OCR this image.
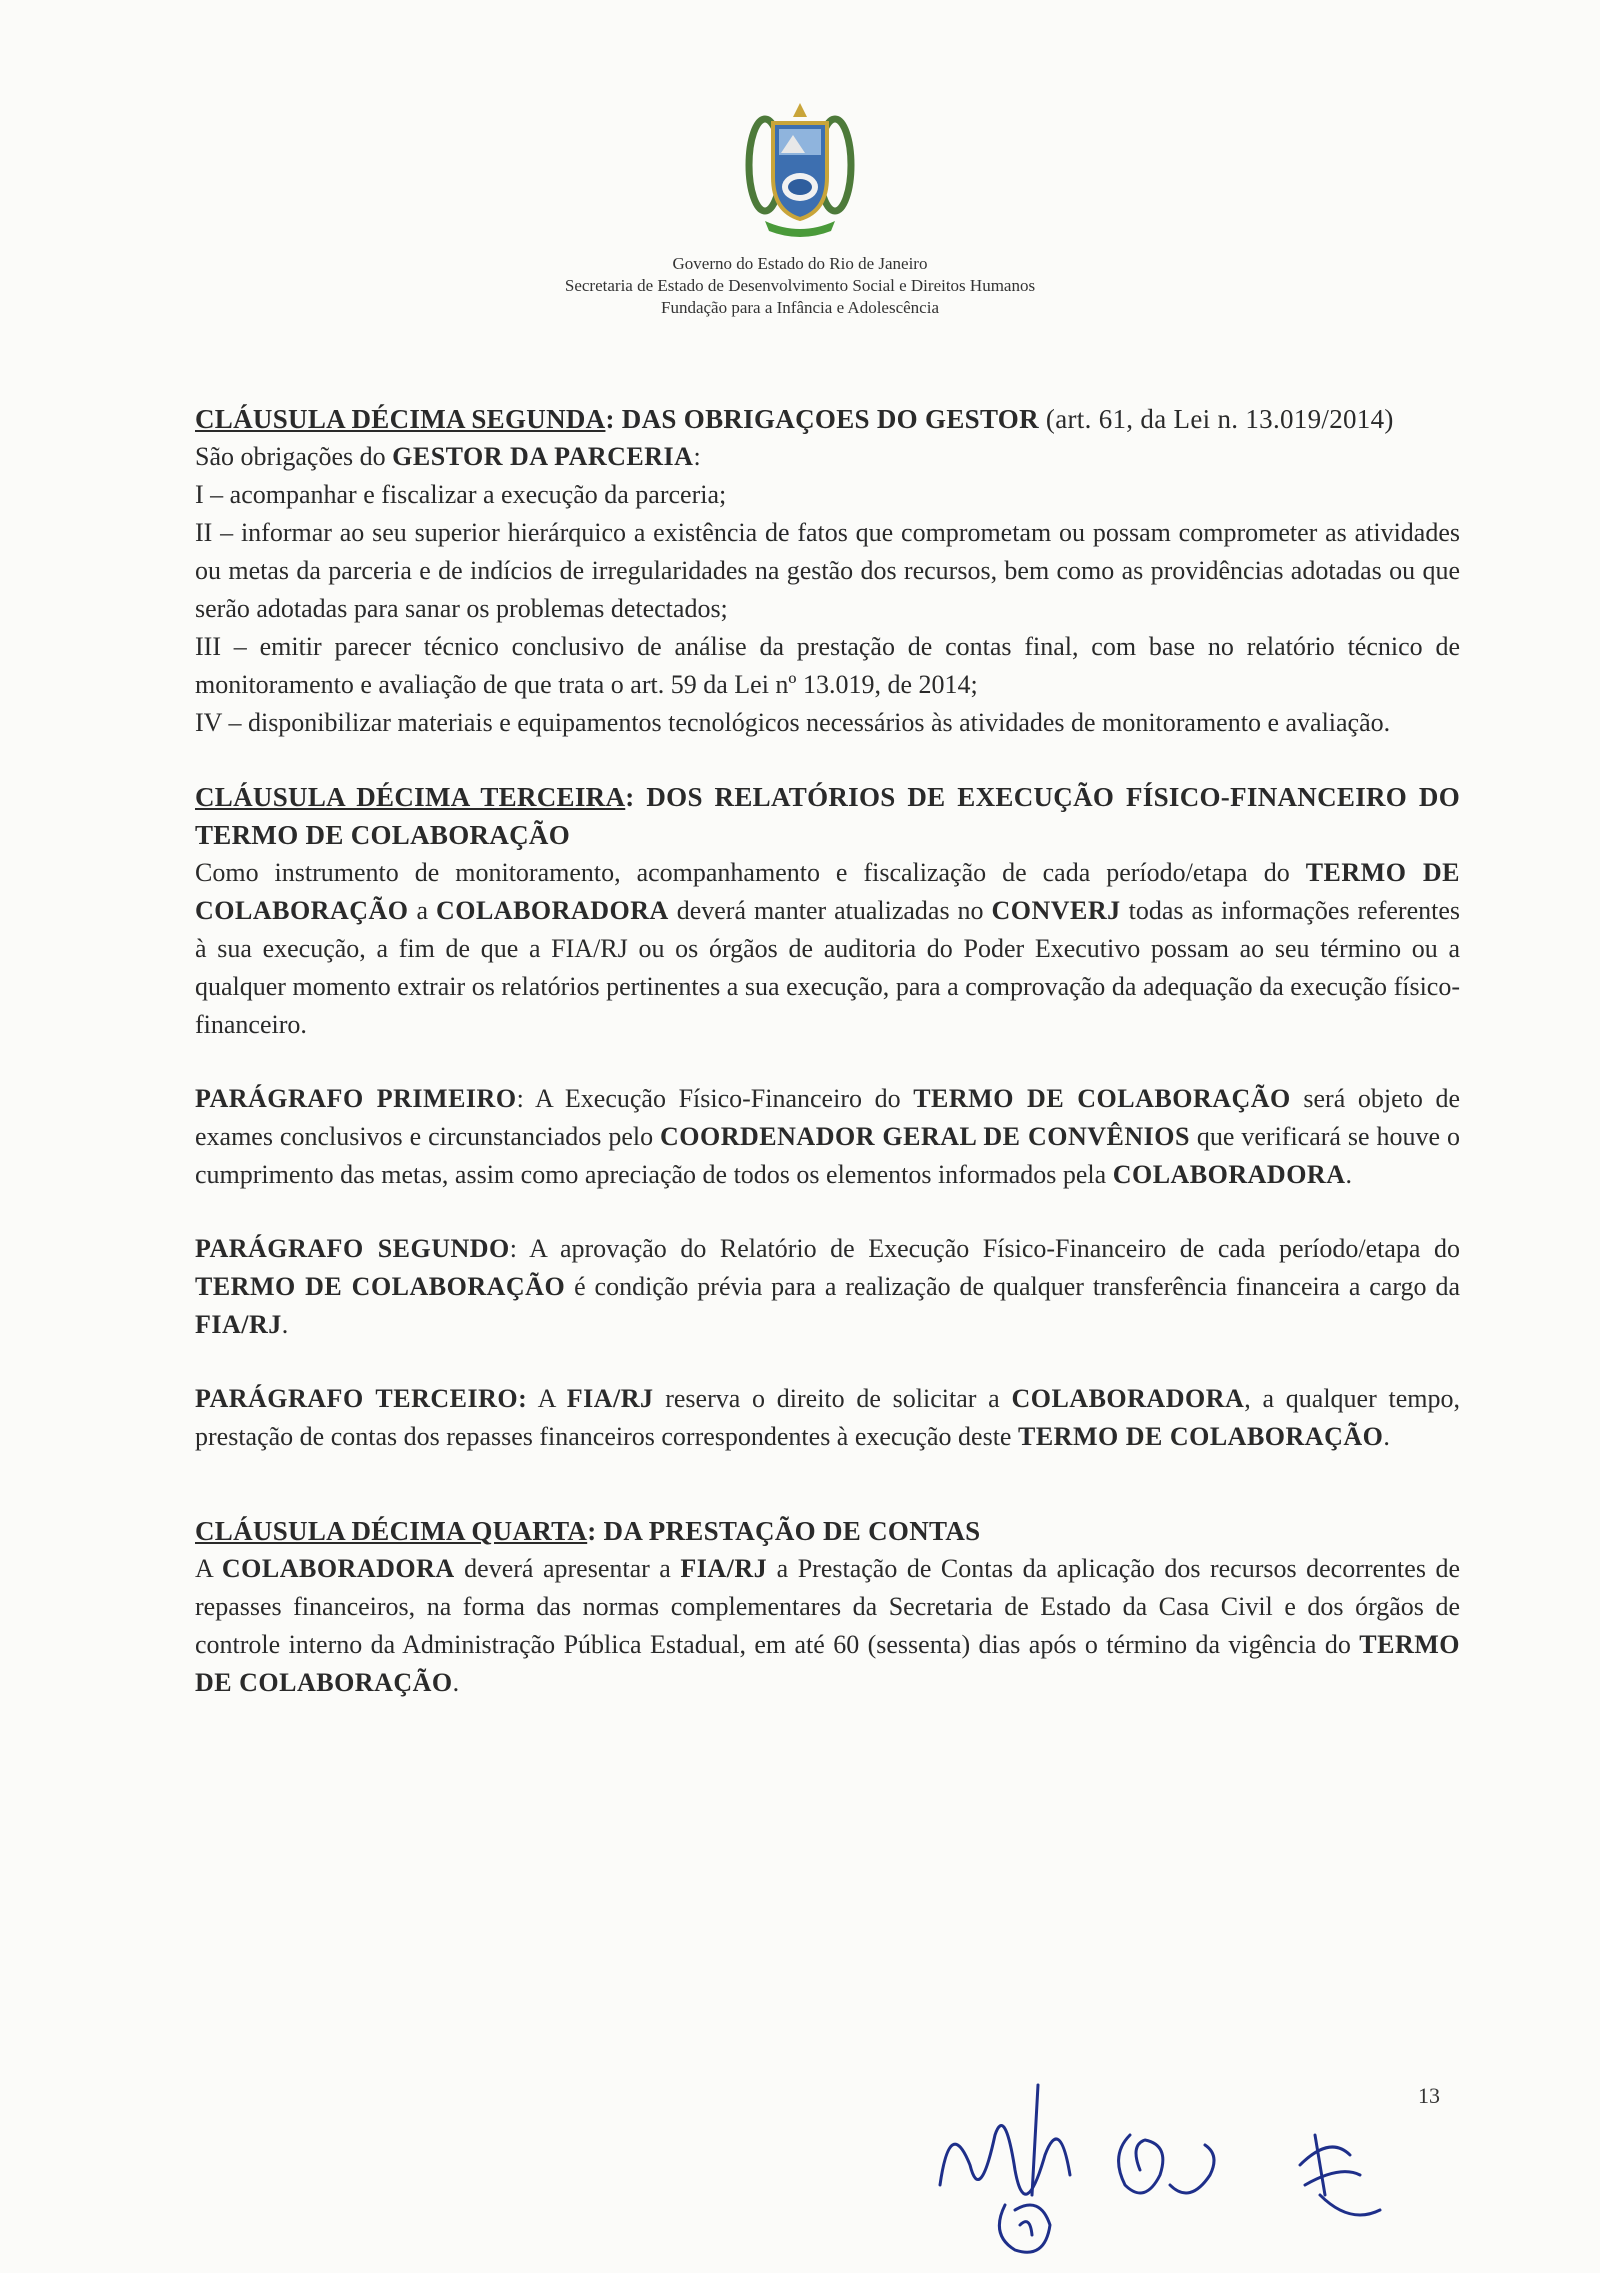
Governo do Estado do Rio de Janeiro
Secretaria de Estado de Desenvolvimento Social e Direitos Humanos
Fundação para a Infância e Adolescência

CLÁUSULA DÉCIMA SEGUNDA: DAS OBRIGAÇOES DO GESTOR (art. 61, da Lei n. 13.019/2014)

São obrigações do GESTOR DA PARCERIA:

I – acompanhar e fiscalizar a execução da parceria;

II – informar ao seu superior hierárquico a existência de fatos que comprometam ou possam comprometer as atividades ou metas da parceria e de indícios de irregularidades na gestão dos recursos, bem como as providências adotadas ou que serão adotadas para sanar os problemas detectados;

III – emitir parecer técnico conclusivo de análise da prestação de contas final, com base no relatório técnico de monitoramento e avaliação de que trata o art. 59 da Lei nº 13.019, de 2014;

IV – disponibilizar materiais e equipamentos tecnológicos necessários às atividades de monitoramento e avaliação.

CLÁUSULA DÉCIMA TERCEIRA: DOS RELATÓRIOS DE EXECUÇÃO FÍSICO-FINANCEIRO DO TERMO DE COLABORAÇÃO

Como instrumento de monitoramento, acompanhamento e fiscalização de cada período/etapa do TERMO DE COLABORAÇÃO a COLABORADORA deverá manter atualizadas no CONVERJ todas as informações referentes à sua execução, a fim de que a FIA/RJ ou os órgãos de auditoria do Poder Executivo possam ao seu término ou a qualquer momento extrair os relatórios pertinentes a sua execução, para a comprovação da adequação da execução físico-financeiro.

PARÁGRAFO PRIMEIRO: A Execução Físico-Financeiro do TERMO DE COLABORAÇÃO será objeto de exames conclusivos e circunstanciados pelo COORDENADOR GERAL DE CONVÊNIOS que verificará se houve o cumprimento das metas, assim como apreciação de todos os elementos informados pela COLABORADORA.

PARÁGRAFO SEGUNDO: A aprovação do Relatório de Execução Físico-Financeiro de cada período/etapa do TERMO DE COLABORAÇÃO é condição prévia para a realização de qualquer transferência financeira a cargo da FIA/RJ.

PARÁGRAFO TERCEIRO: A FIA/RJ reserva o direito de solicitar a COLABORADORA, a qualquer tempo, prestação de contas dos repasses financeiros correspondentes à execução deste TERMO DE COLABORAÇÃO.

CLÁUSULA DÉCIMA QUARTA: DA PRESTAÇÃO DE CONTAS

A COLABORADORA deverá apresentar a FIA/RJ a Prestação de Contas da aplicação dos recursos decorrentes de repasses financeiros, na forma das normas complementares da Secretaria de Estado da Casa Civil e dos órgãos de controle interno da Administração Pública Estadual, em até 60 (sessenta) dias após o término da vigência do TERMO DE COLABORAÇÃO.

13
